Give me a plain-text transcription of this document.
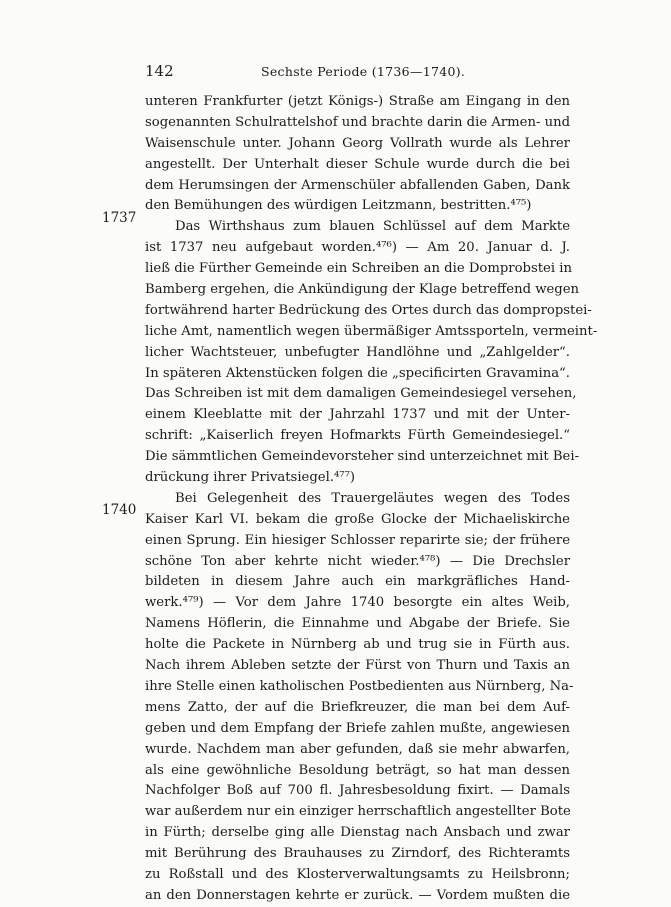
142	Sechste Periode (1736—1740).
1737
1740
unteren Frankfurter (jetzt Königs-) Straße am Eingang in den
sogenannten Schulrattelshof und brachte darin die Armen- und
Waisenschule unter. Johann Georg Vollrath wurde als Lehrer
angestellt. Der Unterhalt dieser Schule wurde durch die bei
dem Herumsingen der Armenschüler abfallenden Gaben, Dank
den Bemühungen des würdigen Leitzmann, bestritten.⁴⁷⁵)
Das Wirthshaus zum blauen Schlüssel auf dem Markte
ist 1737 neu aufgebaut worden.⁴⁷⁶) — Am 20. Januar d. J.
ließ die Fürther Gemeinde ein Schreiben an die Domprobstei in
Bamberg ergehen, die Ankündigung der Klage betreffend wegen
fortwährend harter Bedrückung des Ortes durch das dompropstei-
liche Amt, namentlich wegen übermäßiger Amtssporteln, vermeint-
licher Wachtsteuer, unbefugter Handlöhne und „Zahlgelder“.
In späteren Aktenstücken folgen die „specificirten Gravamina“.
Das Schreiben ist mit dem damaligen Gemeindesiegel versehen,
einem Kleeblatte mit der Jahrzahl 1737 und mit der Unter-
schrift: „Kaiserlich freyen Hofmarkts Fürth Gemeindesiegel.“
Die sämmtlichen Gemeindevorsteher sind unterzeichnet mit Bei-
drückung ihrer Privatsiegel.⁴⁷⁷)
Bei Gelegenheit des Trauergeläutes wegen des Todes
Kaiser Karl VI. bekam die große Glocke der Michaeliskirche
einen Sprung. Ein hiesiger Schlosser reparirte sie; der frühere
schöne Ton aber kehrte nicht wieder.⁴⁷⁸) — Die Drechsler
bildeten in diesem Jahre auch ein markgräfliches Hand-
werk.⁴⁷⁹) — Vor dem Jahre 1740 besorgte ein altes Weib,
Namens Höflerin, die Einnahme und Abgabe der Briefe. Sie
holte die Packete in Nürnberg ab und trug sie in Fürth aus.
Nach ihrem Ableben setzte der Fürst von Thurn und Taxis an
ihre Stelle einen katholischen Postbedienten aus Nürnberg, Na-
mens Zatto, der auf die Briefkreuzer, die man bei dem Auf-
geben und dem Empfang der Briefe zahlen mußte, angewiesen
wurde. Nachdem man aber gefunden, daß sie mehr abwarfen,
als eine gewöhnliche Besoldung beträgt, so hat man dessen
Nachfolger Boß auf 700 fl. Jahresbesoldung fixirt. — Damals
war außerdem nur ein einziger herrschaftlich angestellter Bote
in Fürth; derselbe ging alle Dienstag nach Ansbach und zwar
mit Berührung des Brauhauses zu Zirndorf, des Richteramts
zu Roßstall und des Klosterverwaltungsamts zu Heilsbronn;
an den Donnerstagen kehrte er zurück. — Vordem mußten die
